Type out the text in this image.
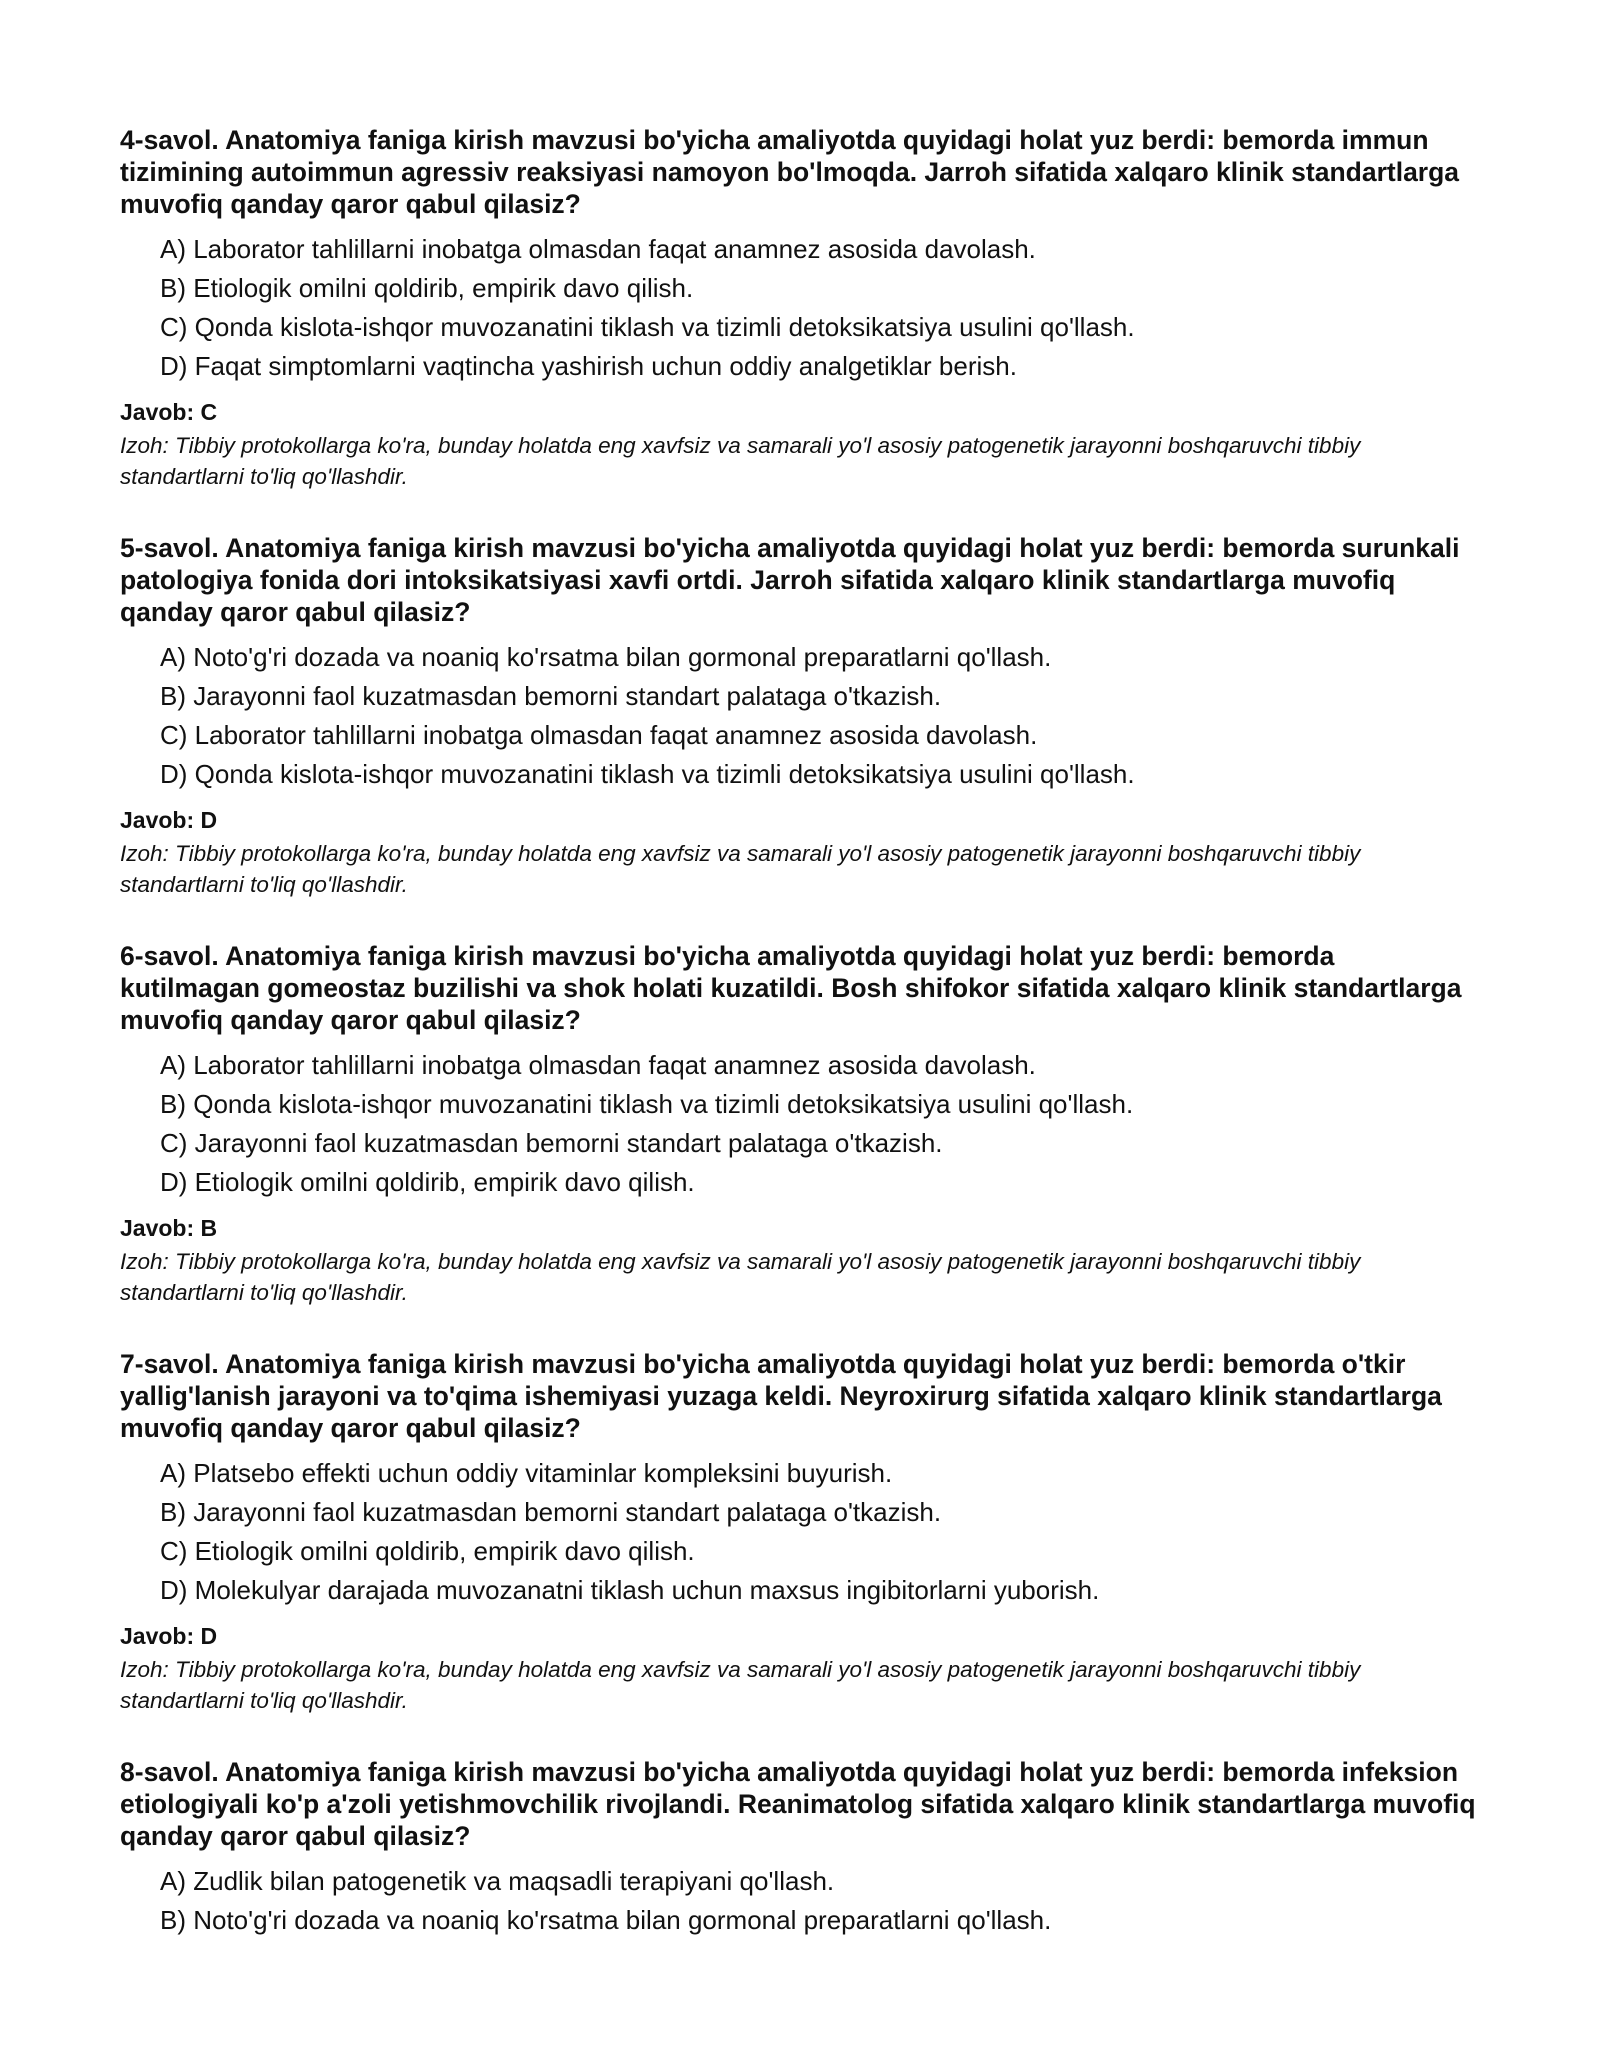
4-savol. Anatomiya faniga kirish mavzusi bo'yicha amaliyotda quyidagi holat yuz berdi: bemorda immun tizimining autoimmun agressiv reaksiyasi namoyon bo'lmoqda. Jarroh sifatida xalqaro klinik standartlarga muvofiq qanday qaror qabul qilasiz?

A) Laborator tahlillarni inobatga olmasdan faqat anamnez asosida davolash.
B) Etiologik omilni qoldirib, empirik davo qilish.
C) Qonda kislota-ishqor muvozanatini tiklash va tizimli detoksikatsiya usulini qo'llash.
D) Faqat simptomlarni vaqtincha yashirish uchun oddiy analgetiklar berish.

Javob: C

Izoh: Tibbiy protokollarga ko'ra, bunday holatda eng xavfsiz va samarali yo'l asosiy patogenetik jarayonni boshqaruvchi tibbiy standartlarni to'liq qo'llashdir.

5-savol. Anatomiya faniga kirish mavzusi bo'yicha amaliyotda quyidagi holat yuz berdi: bemorda surunkali patologiya fonida dori intoksikatsiyasi xavfi ortdi. Jarroh sifatida xalqaro klinik standartlarga muvofiq qanday qaror qabul qilasiz?

A) Noto'g'ri dozada va noaniq ko'rsatma bilan gormonal preparatlarni qo'llash.
B) Jarayonni faol kuzatmasdan bemorni standart palataga o'tkazish.
C) Laborator tahlillarni inobatga olmasdan faqat anamnez asosida davolash.
D) Qonda kislota-ishqor muvozanatini tiklash va tizimli detoksikatsiya usulini qo'llash.

Javob: D

Izoh: Tibbiy protokollarga ko'ra, bunday holatda eng xavfsiz va samarali yo'l asosiy patogenetik jarayonni boshqaruvchi tibbiy standartlarni to'liq qo'llashdir.

6-savol. Anatomiya faniga kirish mavzusi bo'yicha amaliyotda quyidagi holat yuz berdi: bemorda kutilmagan gomeostaz buzilishi va shok holati kuzatildi. Bosh shifokor sifatida xalqaro klinik standartlarga muvofiq qanday qaror qabul qilasiz?

A) Laborator tahlillarni inobatga olmasdan faqat anamnez asosida davolash.
B) Qonda kislota-ishqor muvozanatini tiklash va tizimli detoksikatsiya usulini qo'llash.
C) Jarayonni faol kuzatmasdan bemorni standart palataga o'tkazish.
D) Etiologik omilni qoldirib, empirik davo qilish.

Javob: B

Izoh: Tibbiy protokollarga ko'ra, bunday holatda eng xavfsiz va samarali yo'l asosiy patogenetik jarayonni boshqaruvchi tibbiy standartlarni to'liq qo'llashdir.

7-savol. Anatomiya faniga kirish mavzusi bo'yicha amaliyotda quyidagi holat yuz berdi: bemorda o'tkir yallig'lanish jarayoni va to'qima ishemiyasi yuzaga keldi. Neyroxirurg sifatida xalqaro klinik standartlarga muvofiq qanday qaror qabul qilasiz?

A) Platsebo effekti uchun oddiy vitaminlar kompleksini buyurish.
B) Jarayonni faol kuzatmasdan bemorni standart palataga o'tkazish.
C) Etiologik omilni qoldirib, empirik davo qilish.
D) Molekulyar darajada muvozanatni tiklash uchun maxsus ingibitorlarni yuborish.

Javob: D

Izoh: Tibbiy protokollarga ko'ra, bunday holatda eng xavfsiz va samarali yo'l asosiy patogenetik jarayonni boshqaruvchi tibbiy standartlarni to'liq qo'llashdir.

8-savol. Anatomiya faniga kirish mavzusi bo'yicha amaliyotda quyidagi holat yuz berdi: bemorda infeksion etiologiyali ko'p a'zoli yetishmovchilik rivojlandi. Reanimatolog sifatida xalqaro klinik standartlarga muvofiq qanday qaror qabul qilasiz?

A) Zudlik bilan patogenetik va maqsadli terapiyani qo'llash.
B) Noto'g'ri dozada va noaniq ko'rsatma bilan gormonal preparatlarni qo'llash.
